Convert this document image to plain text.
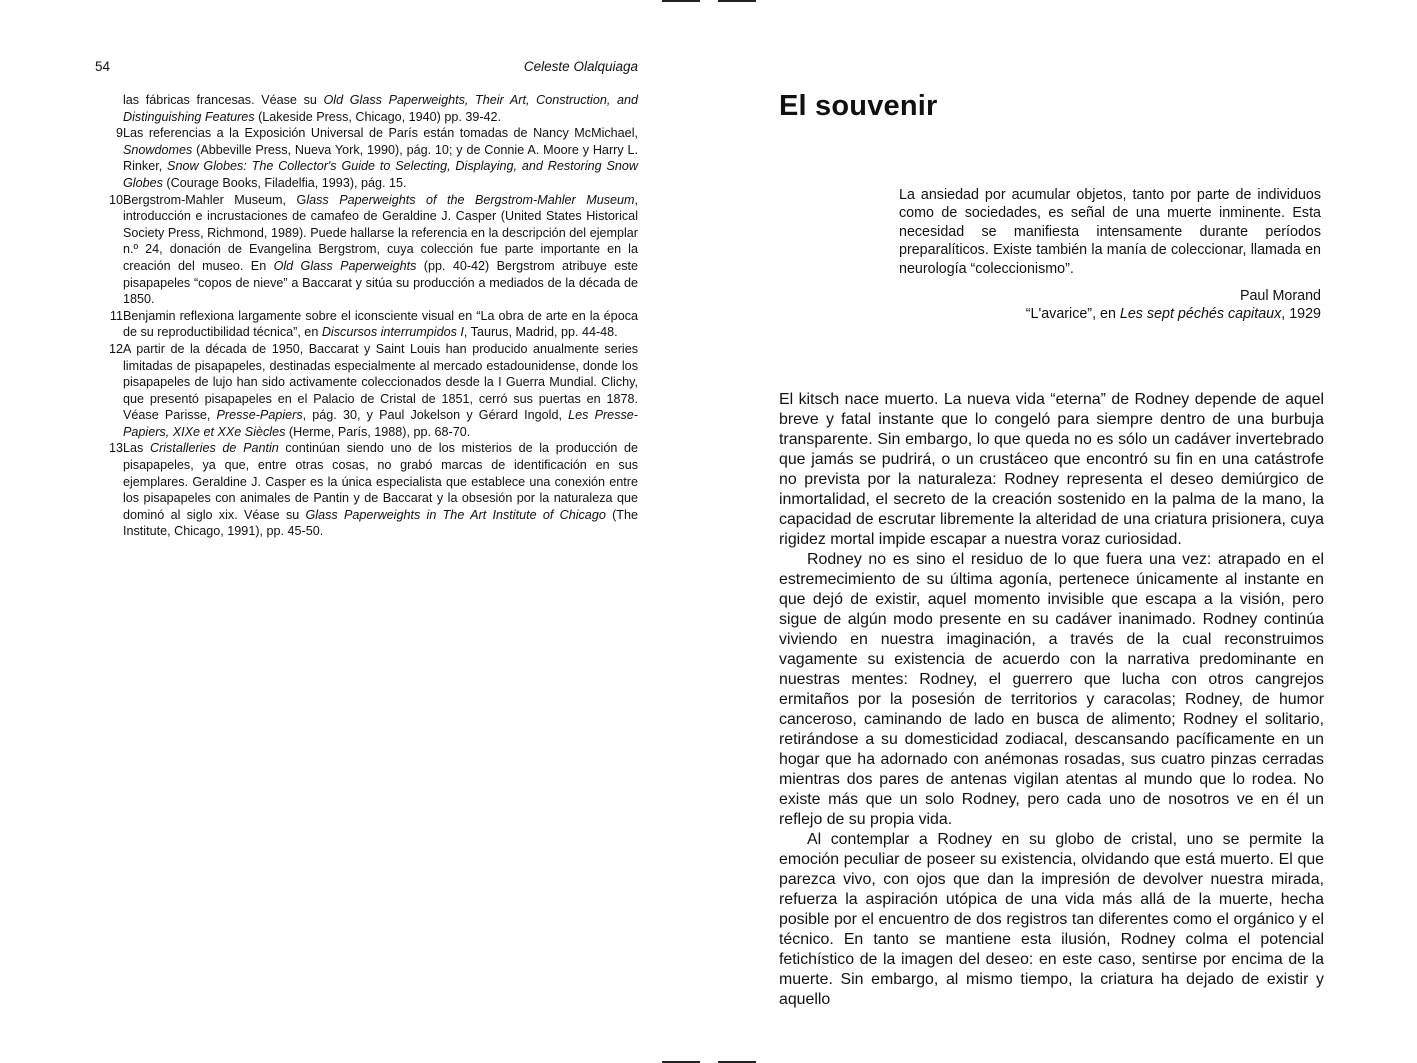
54	Celeste Olalquiaga
las fábricas francesas. Véase su Old Glass Paperweights, Their Art, Construction, and Distinguishing Features (Lakeside Press, Chicago, 1940) pp. 39-42.
9 Las referencias a la Exposición Universal de París están tomadas de Nancy McMichael, Snowdomes (Abbeville Press, Nueva York, 1990), pág. 10; y de Connie A. Moore y Harry L. Rinker, Snow Globes: The Collector's Guide to Selecting, Displaying, and Restoring Snow Globes (Courage Books, Filadelfia, 1993), pág. 15.
10 Bergstrom-Mahler Museum, Glass Paperweights of the Bergstrom-Mahler Museum, introducción e incrustaciones de camafeo de Geraldine J. Casper (United States Historical Society Press, Richmond, 1989). Puede hallarse la referencia en la descripción del ejemplar n.º 24, donación de Evangelina Bergstrom, cuya colección fue parte importante en la creación del museo. En Old Glass Paperweights (pp. 40-42) Bergstrom atribuye este pisapapeles “copos de nieve” a Baccarat y sitúa su producción a mediados de la década de 1850.
11 Benjamin reflexiona largamente sobre el iconsciente visual en “La obra de arte en la época de su reproductibilidad técnica”, en Discursos interrumpidos I, Taurus, Madrid, pp. 44-48.
12 A partir de la década de 1950, Baccarat y Saint Louis han producido anualmente series limitadas de pisapapeles, destinadas especialmente al mercado estadounidense, donde los pisapapeles de lujo han sido activamente coleccionados desde la I Guerra Mundial. Clichy, que presentó pisapapeles en el Palacio de Cristal de 1851, cerró sus puertas en 1878. Véase Parisse, Presse-Papiers, pág. 30, y Paul Jokelson y Gérard Ingold, Les Presse-Papiers, XIXe et XXe Siècles (Herme, París, 1988), pp. 68-70.
13 Las Cristalleries de Pantin continúan siendo uno de los misterios de la producción de pisapapeles, ya que, entre otras cosas, no grabó marcas de identificación en sus ejemplares. Geraldine J. Casper es la única especialista que establece una conexión entre los pisapapeles con animales de Pantin y de Baccarat y la obsesión por la naturaleza que dominó al siglo xix. Véase su Glass Paperweights in The Art Institute of Chicago (The Institute, Chicago, 1991), pp. 45-50.
El souvenir
La ansiedad por acumular objetos, tanto por parte de individuos como de sociedades, es señal de una muerte inminente. Esta necesidad se manifiesta intensamente durante períodos preparalíticos. Existe también la manía de coleccionar, llamada en neurología “coleccionismo”.
Paul Morand
“L'avarice”, en Les sept péchés capitaux, 1929

El kitsch nace muerto. La nueva vida “eterna” de Rodney depende de aquel breve y fatal instante que lo congeló para siempre dentro de una burbuja transparente. Sin embargo, lo que queda no es sólo un cadáver invertebrado que jamás se pudrirá, o un crustáceo que encontró su fin en una catástrofe no prevista por la naturaleza: Rodney representa el deseo demiúrgico de inmortalidad, el secreto de la creación sostenido en la palma de la mano, la capacidad de escrutar libremente la alteridad de una criatura prisionera, cuya rigidez mortal impide escapar a nuestra voraz curiosidad.

Rodney no es sino el residuo de lo que fuera una vez: atrapado en el estremecimiento de su última agonía, pertenece únicamente al instante en que dejó de existir, aquel momento invisible que escapa a la visión, pero sigue de algún modo presente en su cadáver inanimado. Rodney continúa viviendo en nuestra imaginación, a través de la cual reconstruimos vagamente su existencia de acuerdo con la narrativa predominante en nuestras mentes: Rodney, el guerrero que lucha con otros cangrejos ermitaños por la posesión de territorios y caracolas; Rodney, de humor canceroso, caminando de lado en busca de alimento; Rodney el solitario, retirándose a su domesticidad zodiacal, descansando pacíficamente en un hogar que ha adornado con anémonas rosadas, sus cuatro pinzas cerradas mientras dos pares de antenas vigilan atentas al mundo que lo rodea. No existe más que un solo Rodney, pero cada uno de nosotros ve en él un reflejo de su propia vida.

Al contemplar a Rodney en su globo de cristal, uno se permite la emoción peculiar de poseer su existencia, olvidando que está muerto. El que parezca vivo, con ojos que dan la impresión de devolver nuestra mirada, refuerza la aspiración utópica de una vida más allá de la muerte, hecha posible por el encuentro de dos registros tan diferentes como el orgánico y el técnico. En tanto se mantiene esta ilusión, Rodney colma el potencial fetichístico de la imagen del deseo: en este caso, sentirse por encima de la muerte. Sin embargo, al mismo tiempo, la criatura ha dejado de existir y aquello
